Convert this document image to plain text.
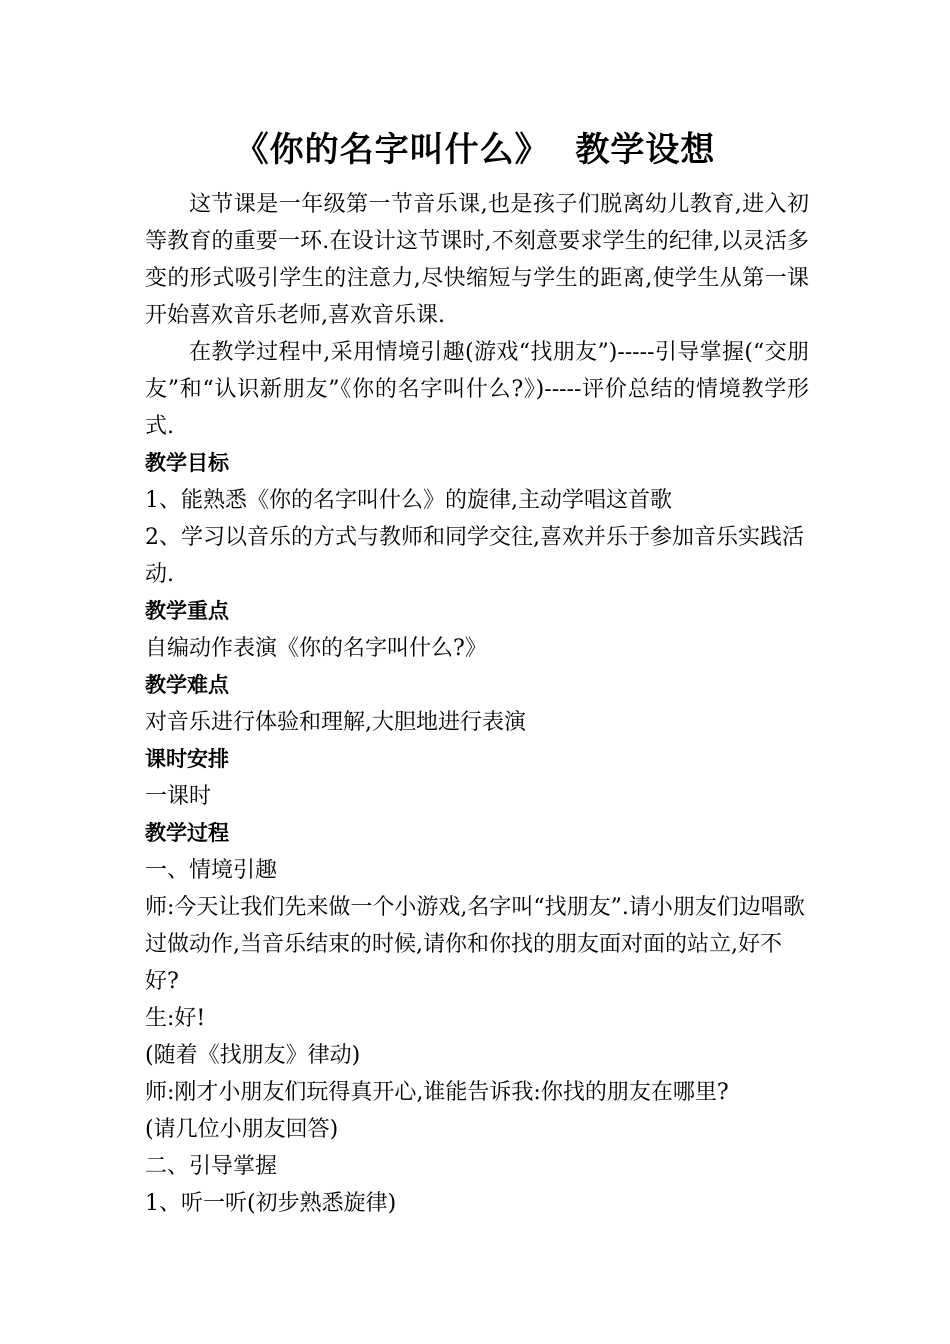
《你的名字叫什么》  教学设想

这节课是一年级第一节音乐课,也是孩子们脱离幼儿教育,进入初等教育的重要一环.在设计这节课时,不刻意要求学生的纪律,以灵活多变的形式吸引学生的注意力,尽快缩短与学生的距离,使学生从第一课开始喜欢音乐老师,喜欢音乐课.

在教学过程中,采用情境引趣(游戏“找朋友”)-----引导掌握(“交朋友”和“认识新朋友”《你的名字叫什么?》)-----评价总结的情境教学形式.

教学目标

1、能熟悉《你的名字叫什么》的旋律,主动学唱这首歌

2、学习以音乐的方式与教师和同学交往,喜欢并乐于参加音乐实践活动.

教学重点

自编动作表演《你的名字叫什么?》

教学难点

对音乐进行体验和理解,大胆地进行表演

课时安排

一课时

教学过程

一、情境引趣

师:今天让我们先来做一个小游戏,名字叫“找朋友”.请小朋友们边唱歌过做动作,当音乐结束的时候,请你和你找的朋友面对面的站立,好不好?

生:好!

(随着《找朋友》律动)

师:刚才小朋友们玩得真开心,谁能告诉我:你找的朋友在哪里?

(请几位小朋友回答)

二、引导掌握

1、听一听(初步熟悉旋律)
